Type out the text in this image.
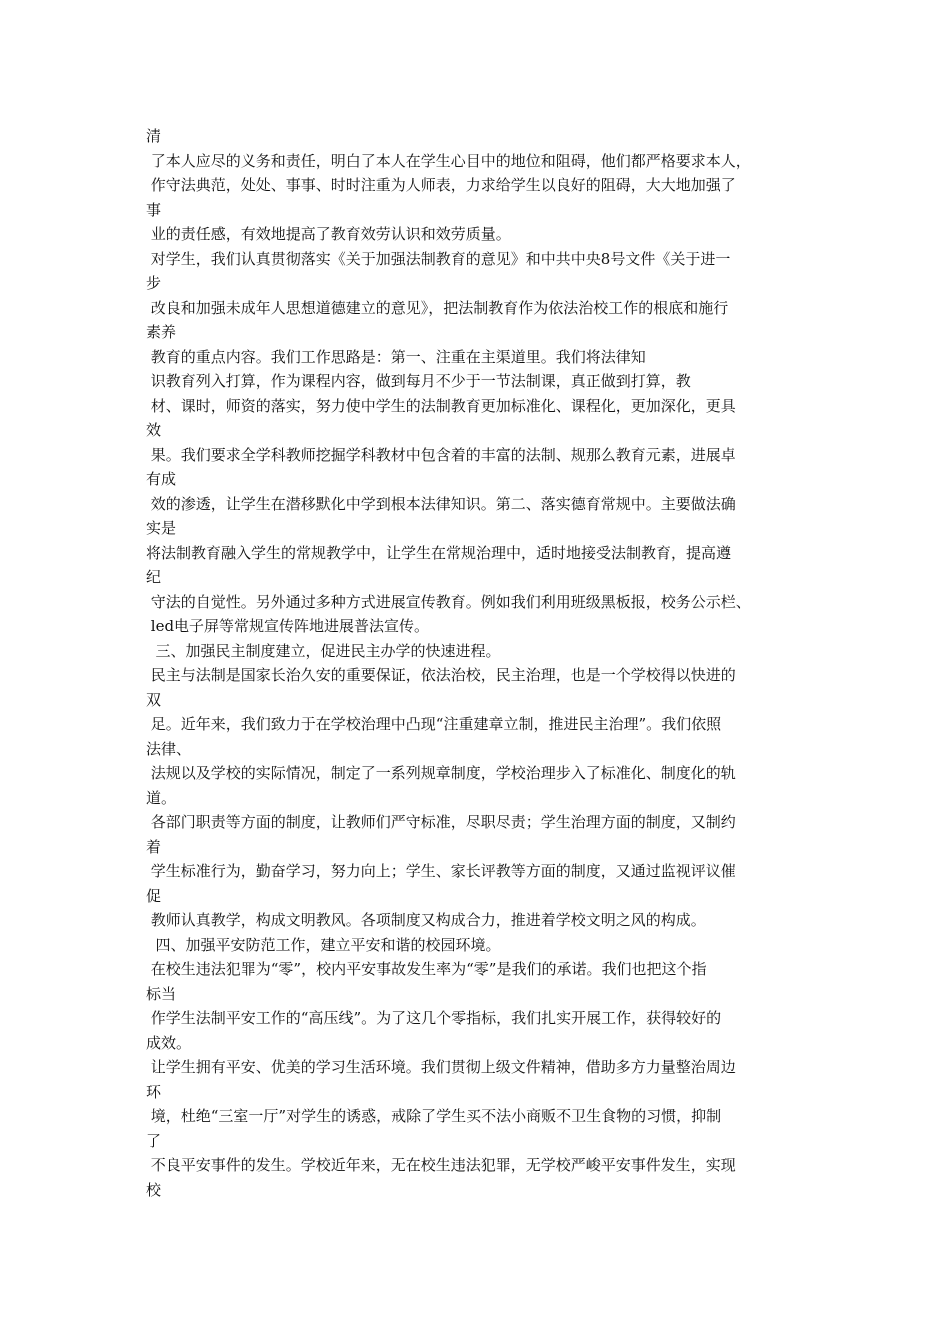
清
了本人应尽的义务和责任，明白了本人在学生心目中的地位和阻碍，他们都严格要求本人，
作守法典范，处处、事事、时时注重为人师表，力求给学生以良好的阻碍，大大地加强了
事
业的责任感，有效地提高了教育效劳认识和效劳质量。
对学生，我们认真贯彻落实《关于加强法制教育的意见》和中共中央8号文件《关于进一
步
改良和加强未成年人思想道德建立的意见》，把法制教育作为依法治校工作的根底和施行
素养
教育的重点内容。我们工作思路是：第一、注重在主渠道里。我们将法律知
识教育列入打算，作为课程内容，做到每月不少于一节法制课，真正做到打算，教
材、课时，师资的落实，努力使中学生的法制教育更加标准化、课程化，更加深化，更具
效
果。我们要求全学科教师挖掘学科教材中包含着的丰富的法制、规那么教育元素，进展卓
有成
效的渗透，让学生在潜移默化中学到根本法律知识。第二、落实德育常规中。主要做法确
实是
将法制教育融入学生的常规教学中，让学生在常规治理中，适时地接受法制教育，提高遵
纪
守法的自觉性。另外通过多种方式进展宣传教育。例如我们利用班级黑板报，校务公示栏、
led电子屏等常规宣传阵地进展普法宣传。
三、加强民主制度建立，促进民主办学的快速进程。
民主与法制是国家长治久安的重要保证，依法治校，民主治理，也是一个学校得以快进的
双
足。近年来，我们致力于在学校治理中凸现“注重建章立制，推进民主治理”。我们依照
法律、
法规以及学校的实际情况，制定了一系列规章制度，学校治理步入了标准化、制度化的轨
道。
各部门职责等方面的制度，让教师们严守标准，尽职尽责；学生治理方面的制度，又制约
着
学生标准行为，勤奋学习，努力向上；学生、家长评教等方面的制度，又通过监视评议催
促
教师认真教学，构成文明教风。各项制度又构成合力，推进着学校文明之风的构成。
四、加强平安防范工作，建立平安和谐的校园环境。
在校生违法犯罪为“零”，校内平安事故发生率为“零”是我们的承诺。我们也把这个指
标当
作学生法制平安工作的“高压线”。为了这几个零指标，我们扎实开展工作，获得较好的
成效。
让学生拥有平安、优美的学习生活环境。我们贯彻上级文件精神，借助多方力量整治周边
环
境，杜绝“三室一厅”对学生的诱惑，戒除了学生买不法小商贩不卫生食物的习惯，抑制
了
不良平安事件的发生。学校近年来，无在校生违法犯罪，无学校严峻平安事件发生，实现
校
